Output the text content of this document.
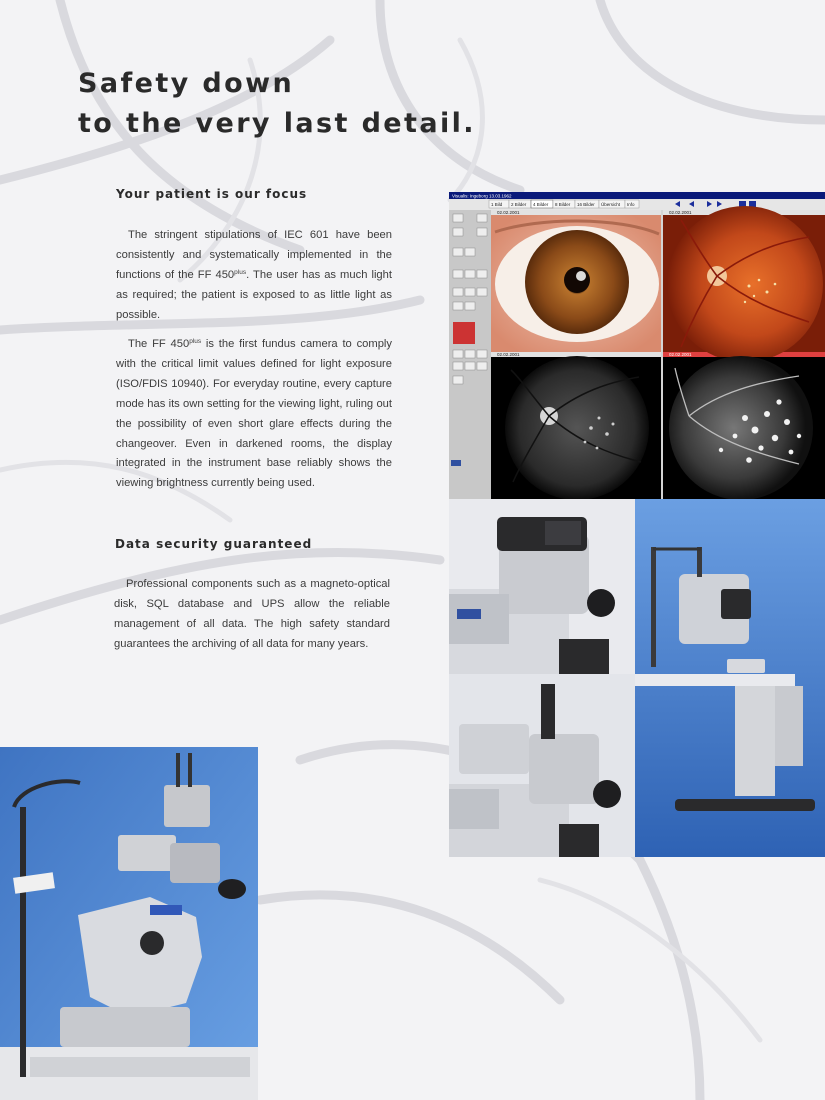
Safety down
to the very last detail.
Your patient is our focus

The stringent stipulations of IEC 601 have been consistently and systematically implemented in the functions of the FF $450^{plus}$. The user has as much light as required; the patient is exposed to as little light as possible.

The FF $450^{plus}$ is the first fundus camera to comply with the critical limit values defined for light exposure (ISO/FDIS 10940). For everyday routine, every capture mode has its own setting for the viewing light, ruling out the possibility of even short glare effects during the changeover. Even in darkened rooms, the display integrated in the instrument base reliably shows the viewing brightness currently being used.

Data security guaranteed

Professional components such as a magneto-optical disk, SQL database and UPS allow the reliable management of all data. The high safety standard guarantees the archiving of all data for many years.

Visualis: Ingeborg 13.03.1962
1 Bild 2 Bilder 4 Bilder 8 Bilder 16 Bilder Übersicht Info
02.02.2001	02.02.2001
02.02.2001	02.02.2001
